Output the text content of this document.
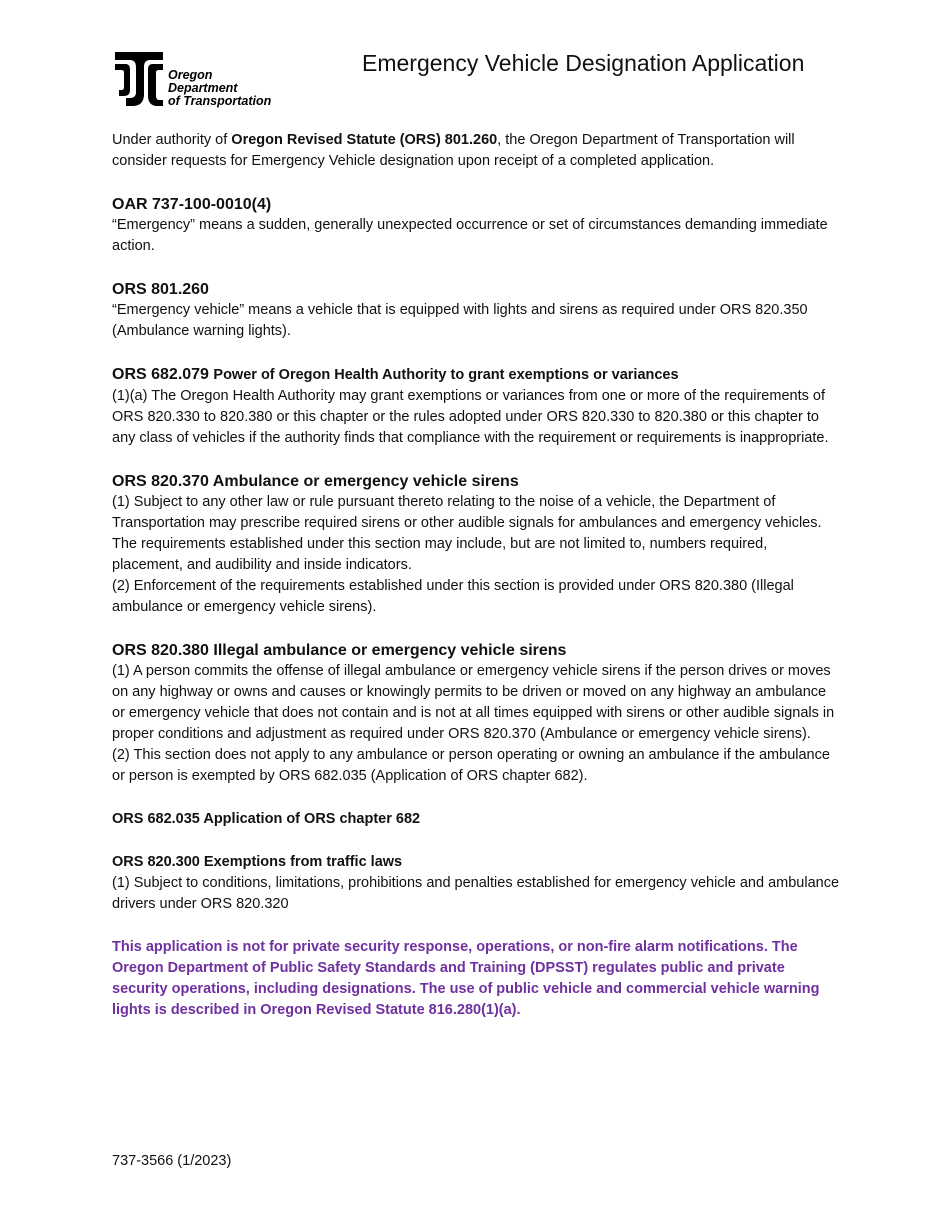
Oregon
Department
of Transportation
Emergency Vehicle Designation Application

Under authority of Oregon Revised Statute (ORS) 801.260, the Oregon Department of Transportation will consider requests for Emergency Vehicle designation upon receipt of a completed application.

OAR 737-100-0010(4)

“Emergency” means a sudden, generally unexpected occurrence or set of circumstances demanding immediate action.

ORS 801.260

“Emergency vehicle” means a vehicle that is equipped with lights and sirens as required under ORS 820.350 (Ambulance warning lights).

ORS 682.079 Power of Oregon Health Authority to grant exemptions or variances

(1)(a) The Oregon Health Authority may grant exemptions or variances from one or more of the requirements of ORS 820.330 to 820.380 or this chapter or the rules adopted under ORS 820.330 to 820.380 or this chapter to any class of vehicles if the authority finds that compliance with the requirement or requirements is inappropriate.

ORS 820.370 Ambulance or emergency vehicle sirens

(1) Subject to any other law or rule pursuant thereto relating to the noise of a vehicle, the Department of Transportation may prescribe required sirens or other audible signals for ambulances and emergency vehicles. The requirements established under this section may include, but are not limited to, numbers required, placement, and audibility and inside indicators.

(2) Enforcement of the requirements established under this section is provided under ORS 820.380 (Illegal ambulance or emergency vehicle sirens).

ORS 820.380 Illegal ambulance or emergency vehicle sirens

(1) A person commits the offense of illegal ambulance or emergency vehicle sirens if the person drives or moves on any highway or owns and causes or knowingly permits to be driven or moved on any highway an ambulance or emergency vehicle that does not contain and is not at all times equipped with sirens or other audible signals in proper conditions and adjustment as required under ORS 820.370 (Ambulance or emergency vehicle sirens).

(2) This section does not apply to any ambulance or person operating or owning an ambulance if the ambulance or person is exempted by ORS 682.035 (Application of ORS chapter 682).

ORS 682.035 Application of ORS chapter 682

ORS 820.300 Exemptions from traffic laws

(1) Subject to conditions, limitations, prohibitions and penalties established for emergency vehicle and ambulance drivers under ORS 820.320

This application is not for private security response, operations, or non-fire alarm notifications. The Oregon Department of Public Safety Standards and Training (DPSST) regulates public and private security operations, including designations. The use of public vehicle and commercial vehicle warning lights is described in Oregon Revised Statute 816.280(1)(a).

737-3566 (1/2023)
